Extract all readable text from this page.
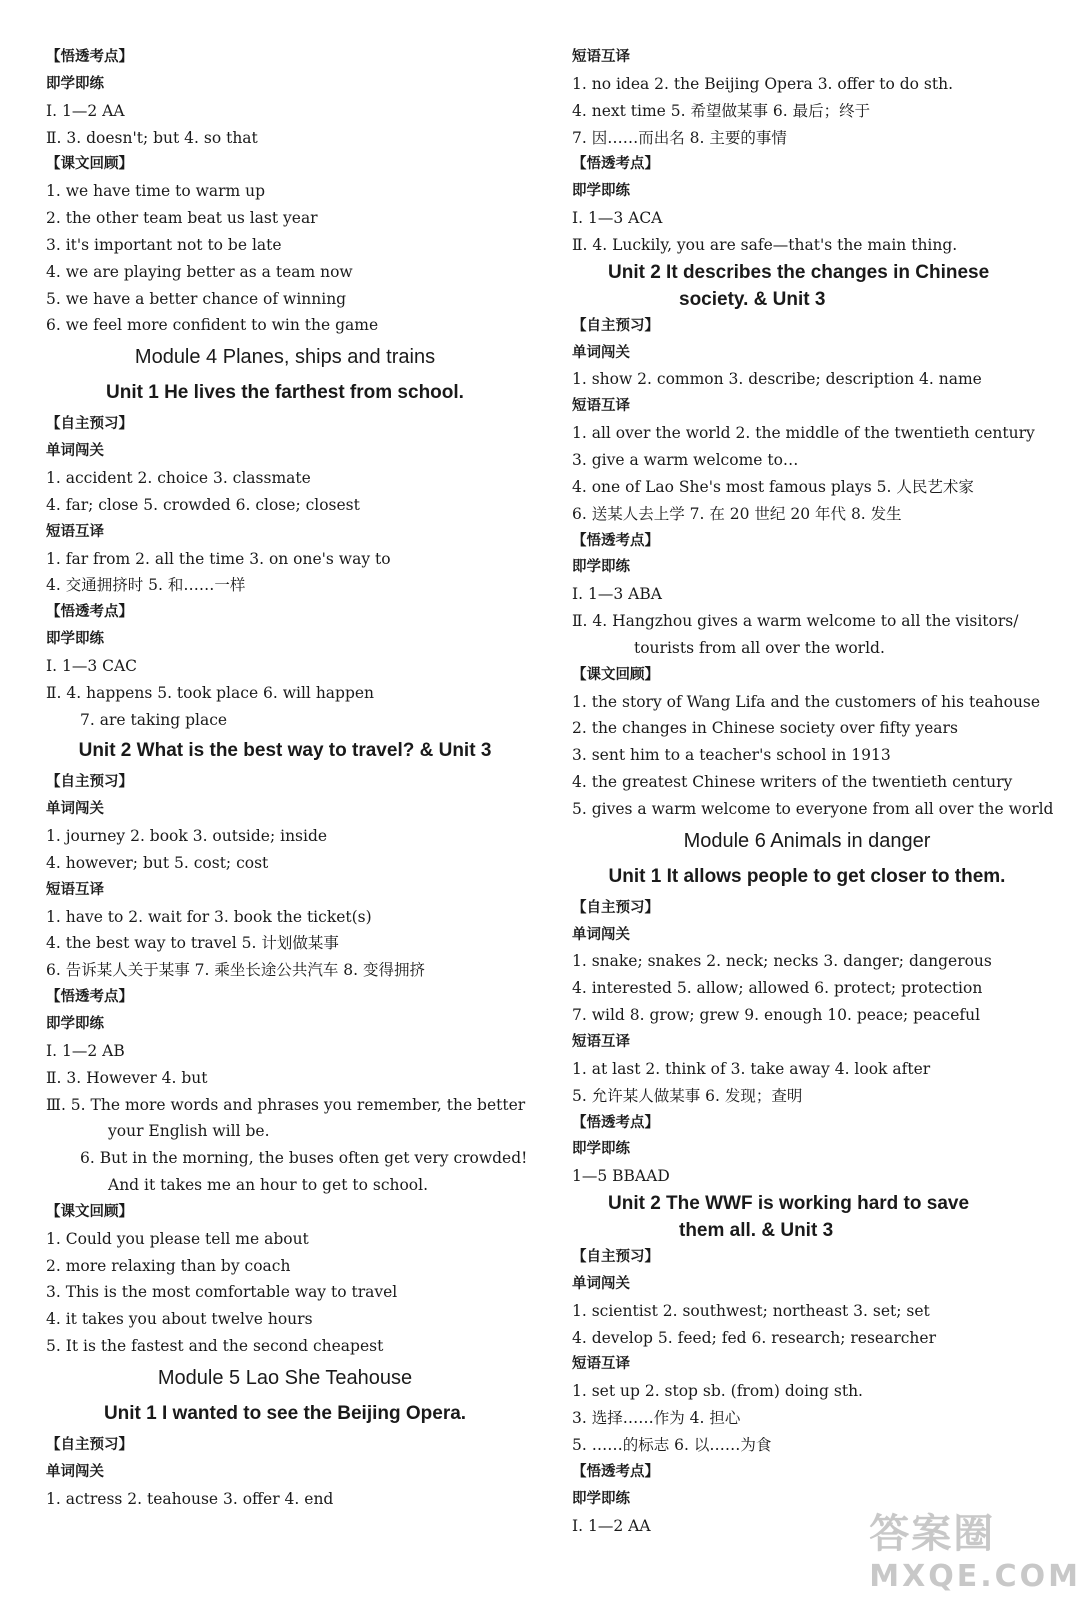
【悟透考点】
即学即练
Ⅰ. 1—2 AA
Ⅱ. 3. doesn't; but 4. so that
【课文回顾】
1. we have time to warm up
2. the other team beat us last year
3. it's important not to be late
4. we are playing better as a team now
5. we have a better chance of winning
6. we feel more confident to win the game
Module 4 Planes, ships and trains
Unit 1 He lives the farthest from school.
【自主预习】
单词闯关
1. accident 2. choice 3. classmate
4. far; close 5. crowded 6. close; closest
短语互译
1. far from 2. all the time 3. on one's way to
4. 交通拥挤时 5. 和……一样
【悟透考点】
即学即练
Ⅰ. 1—3 CAC
Ⅱ. 4. happens 5. took place 6. will happen
7. are taking place
Unit 2 What is the best way to travel? & Unit 3
【自主预习】
单词闯关
1. journey 2. book 3. outside; inside
4. however; but 5. cost; cost
短语互译
1. have to 2. wait for 3. book the ticket(s)
4. the best way to travel 5. 计划做某事
6. 告诉某人关于某事 7. 乘坐长途公共汽车 8. 变得拥挤
【悟透考点】
即学即练
Ⅰ. 1—2 AB
Ⅱ. 3. However 4. but
Ⅲ. 5. The more words and phrases you remember, the better
your English will be.
6. But in the morning, the buses often get very crowded!
And it takes me an hour to get to school.
【课文回顾】
1. Could you please tell me about
2. more relaxing than by coach
3. This is the most comfortable way to travel
4. it takes you about twelve hours
5. It is the fastest and the second cheapest
Module 5 Lao She Teahouse
Unit 1 I wanted to see the Beijing Opera.
【自主预习】
单词闯关
1. actress 2. teahouse 3. offer 4. end
短语互译
1. no idea 2. the Beijing Opera 3. offer to do sth.
4. next time 5. 希望做某事 6. 最后；终于
7. 因……而出名 8. 主要的事情
【悟透考点】
即学即练
Ⅰ. 1—3 ACA
Ⅱ. 4. Luckily, you are safe—that's the main thing.
Unit 2 It describes the changes in Chinese
society. & Unit 3
【自主预习】
单词闯关
1. show 2. common 3. describe; description 4. name
短语互译
1. all over the world 2. the middle of the twentieth century
3. give a warm welcome to…
4. one of Lao She's most famous plays 5. 人民艺术家
6. 送某人去上学 7. 在 20 世纪 20 年代 8. 发生
【悟透考点】
即学即练
Ⅰ. 1—3 ABA
Ⅱ. 4. Hangzhou gives a warm welcome to all the visitors/
tourists from all over the world.
【课文回顾】
1. the story of Wang Lifa and the customers of his teahouse
2. the changes in Chinese society over fifty years
3. sent him to a teacher's school in 1913
4. the greatest Chinese writers of the twentieth century
5. gives a warm welcome to everyone from all over the world
Module 6 Animals in danger
Unit 1 It allows people to get closer to them.
【自主预习】
单词闯关
1. snake; snakes 2. neck; necks 3. danger; dangerous
4. interested 5. allow; allowed 6. protect; protection
7. wild 8. grow; grew 9. enough 10. peace; peaceful
短语互译
1. at last 2. think of 3. take away 4. look after
5. 允许某人做某事 6. 发现；查明
【悟透考点】
即学即练
1—5 BBAAD
Unit 2 The WWF is working hard to save
them all. & Unit 3
【自主预习】
单词闯关
1. scientist 2. southwest; northeast 3. set; set
4. develop 5. feed; fed 6. research; researcher
短语互译
1. set up 2. stop sb. (from) doing sth.
3. 选择……作为 4. 担心
5. ……的标志 6. 以……为食
【悟透考点】
即学即练
Ⅰ. 1—2 AA	答案圈
MXQE.COM
